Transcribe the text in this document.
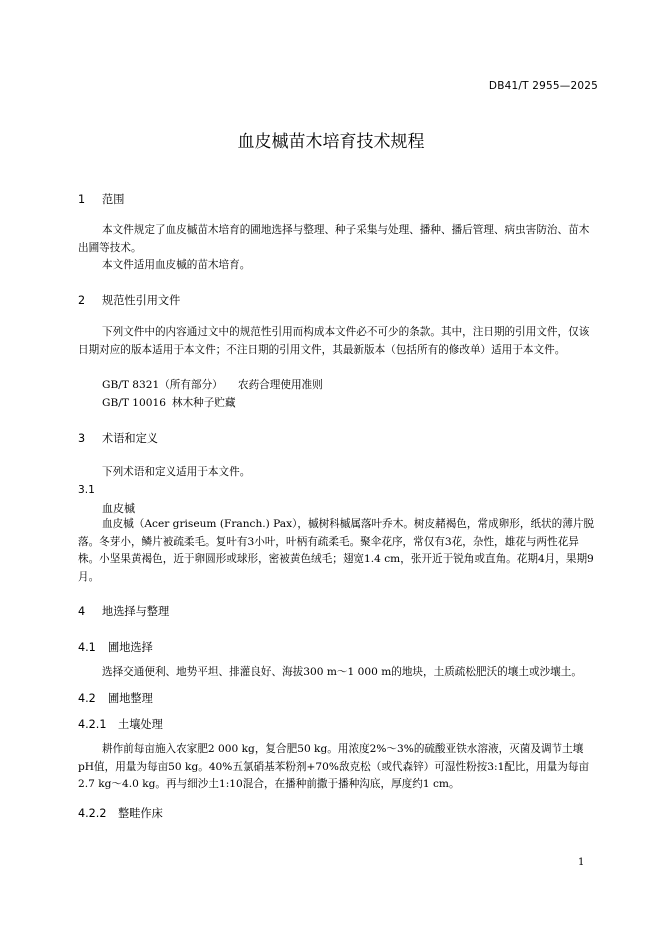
DB41/T 2955—2025
血皮槭苗木培育技术规程
1 范围

本文件规定了血皮槭苗木培育的圃地选择与整理、种子采集与处理、播种、播后管理、病虫害防治、苗木出圃等技术。

本文件适用血皮槭的苗木培育。

2 规范性引用文件

下列文件中的内容通过文中的规范性引用而构成本文件必不可少的条款。其中，注日期的引用文件，仅该日期对应的版本适用于本文件；不注日期的引用文件，其最新版本（包括所有的修改单）适用于本文件。

GB/T 8321（所有部分） 农药合理使用准则
GB/T 10016 林木种子贮藏
3 术语和定义

下列术语和定义适用于本文件。

3.1
血皮槭

血皮槭（Acer griseum (Franch.) Pax），槭树科槭属落叶乔木。树皮赭褐色，常成卵形，纸状的薄片脱落。冬芽小，鳞片被疏柔毛。复叶有3小叶，叶柄有疏柔毛。聚伞花序，常仅有3花，杂性，雄花与两性花异株。小坚果黄褐色，近于卵圆形或球形，密被黄色绒毛；翅宽1.4 cm，张开近于锐角或直角。花期4月，果期9月。

4 地选择与整理
4.1 圃地选择

选择交通便利、地势平坦、排灌良好、海拔300 m～1 000 m的地块，土质疏松肥沃的壤土或沙壤土。

4.2 圃地整理
4.2.1 土壤处理

耕作前每亩施入农家肥2 000 kg，复合肥50 kg。用浓度2%～3%的硫酸亚铁水溶液，灭菌及调节土壤pH值，用量为每亩50 kg。40%五氯硝基苯粉剂+70%敌克松（或代森锌）可湿性粉按3:1配比，用量为每亩2.7 kg～4.0 kg。再与细沙土1:10混合，在播种前撒于播种沟底，厚度约1 cm。

4.2.2 整畦作床
1
